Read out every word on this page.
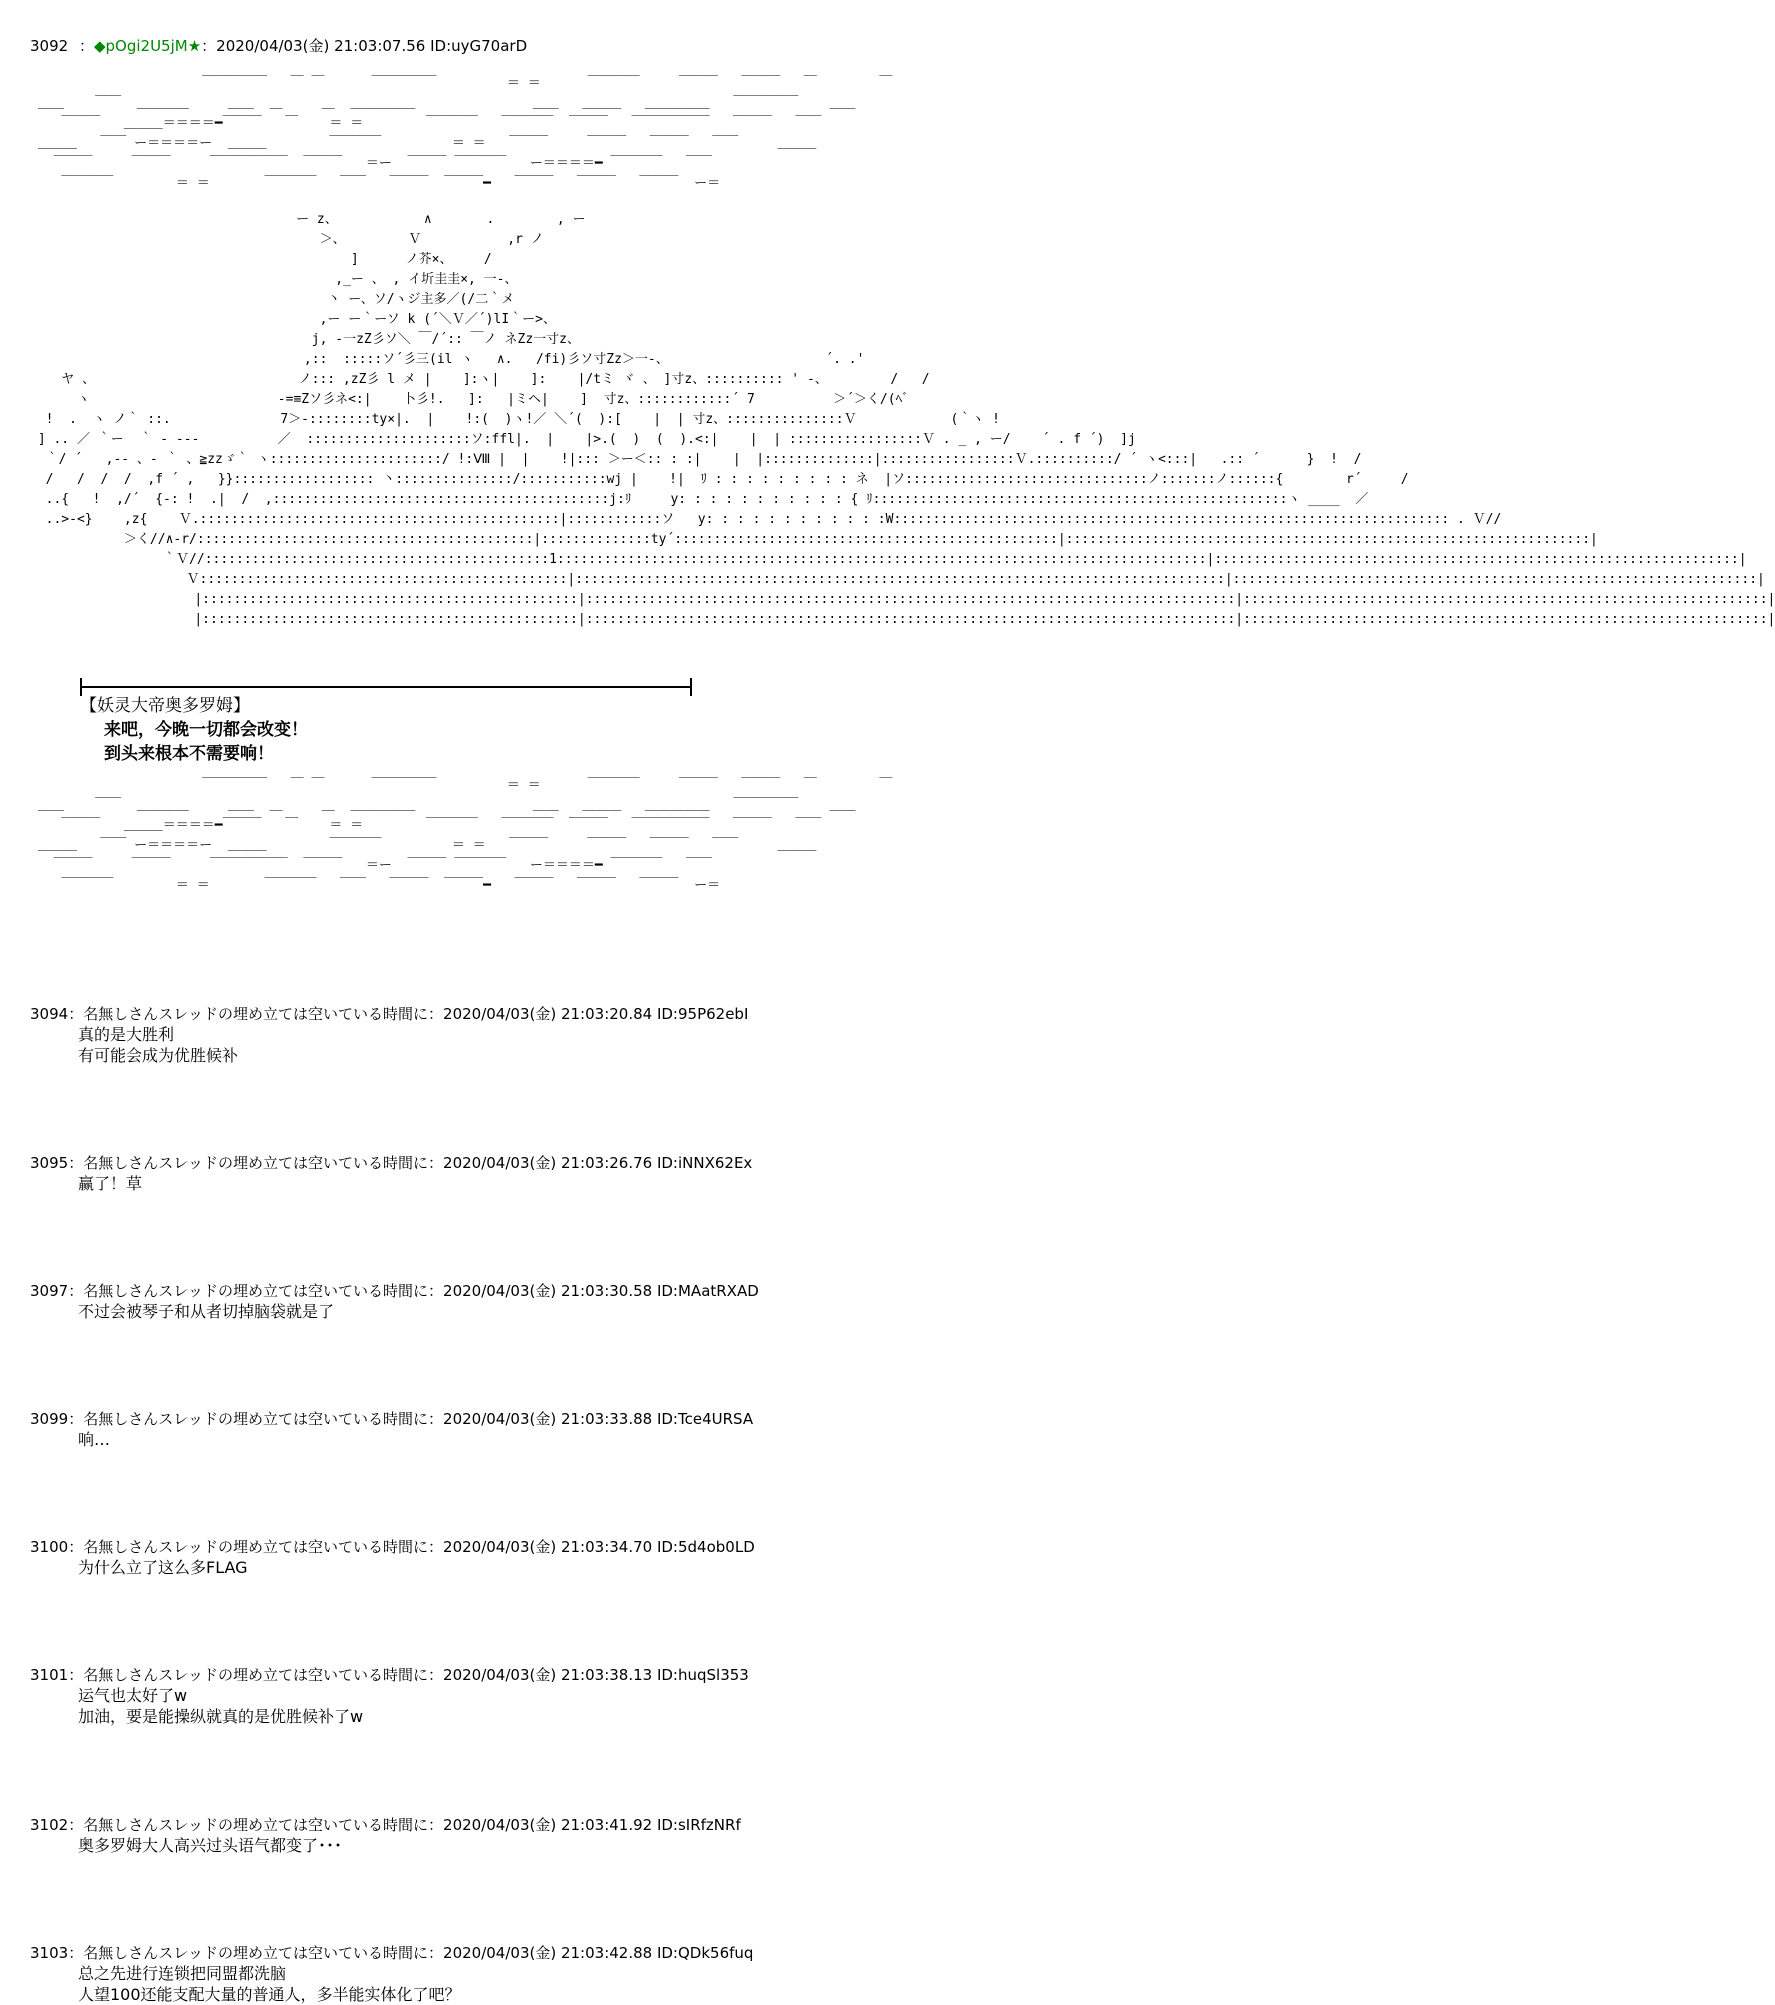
3092 ：◆pOgi2U5jM★：2020/04/03(金) 21:03:07.56 ID:uyG70arD
￣￣￣￣￣   ￣ ￣      ￣￣￣￣￣         ＝ ＝      ￣￣￣￣     ￣￣￣   ￣￣￣   ￣        ￣
＿＿    ￣￣  ＿＿＿＿     ＿＿  ＿     ＿  ＿＿＿＿＿               ＿＿   ＿＿＿   ＿＿＿＿＿   ￣￣￣￣￣    ＿＿
￣￣￣   ＿＿＿＝＝＝＝━￣￣￣   ￣    ＝ ＝        ￣￣￣￣   ￣￣￣￣  ￣￣￣   ￣￣￣￣￣￣   ￣￣￣   ￣￣
＿＿＿   ￣￣ ー＝＝＝＝ー  ＿＿＿        ￣￣￣￣         ＝ ＝   ￣￣￣     ￣￣￣   ￣￣￣   ￣￣     ＿＿＿
￣￣￣     ￣￣￣     ￣￣￣￣￣￣  ￣￣￣   ＝ー  ￣￣￣ ￣￣￣￣   ー＝＝＝＝━ ￣￣￣￣   ￣￣
￣￣￣￣        ＝ ＝       ￣￣￣￣   ￣￣   ￣￣￣  ￣￣￣━   ￣￣￣   ￣￣￣   ￣￣￣  ー＝
ー z、           ∧       .        , ー
＞、        Ｖ           ,r ノ
]      ノ芥×、    /
,_ー 、 , イ圻圭圭×, 一-、
丶 ー、ソ/ヽジ主多／(/二｀メ
,ー ー｀ーソ k (´＼Ｖ／´)lI｀ー>、
j, -一zZ彡ソ＼ ￣/´:: ￣ノ ネZz一寸z、
,::  :::::ソ´彡三(il ヽ   ∧.   /fi)彡ソ寸Zz＞一-、                    ´. .'
ヤ 、                          ノ::: ,zZ彡 l メ |    ]:ヽ|    ]:    |/tミ ヾ 、 ]寸z、:::::::::: ' -、        /   /
ヽ                        -=≡Zソ彡ネ<:|    卜彡!.   ]:   |ミヘ|    ]  寸z、::::::::::::´ 7          ＞´＞く/(ﾍﾞ
!  .  ヽ ノ｀ ::.              7＞-::::::::ty×|.  |    !:(  )ヽ!／ ＼´(  ):[    |  | 寸z、:::::::::::::::Ｖ            (｀ヽ !
] .. ／ ｀ー  ｀ - ---          ／  :::::::::::::::::::::ソ:ffl|.  |    |>.(  )  (  ).<:|    |  | :::::::::::::::::Ｖ . _ , ー/    ´ . f ´)  ]j
｀/ ´   ,-- 、- ｀ 、≧zzゞ｀ ヽ::::::::::::::::::::::/ !:Ⅷ |  |    !|::: ＞ー＜:: : :|    |  |::::::::::::::|:::::::::::::::::Ｖ.::::::::::/ ´ ヽ<:::|   .:: ´      }  !  /
/   /  /  /  ,f ´ ,   }}:::::::::::::::::: 丶:::::::::::::::/:::::::::::wj |    !|  ﾘ : : : : : : : : : ネ  |ソ:::::::::::::::::::::::::::::::ノ:::::::ノ::::::{        r´     /
..{   !  ,/´  {-: !  .|  /  ,:::::::::::::::::::::::::::::::::::::::::::j:ﾘ     y: : : : : : : : : : : { ﾘ:::::::::::::::::::::::::::::::::::::::::::::::::::::ヽ ____  ／
..>-<}    ,z{    Ｖ.::::::::::::::::::::::::::::::::::::::::::::::|::::::::::::ソ   y: : : : : : : : : : : :W::::::::::::::::::::::::::::::::::::::::::::::::::::::::::::::::::::::: . Ｖ//
＞く//∧-r/:::::::::::::::::::::::::::::::::::::::::::|::::::::::::::ty´:::::::::::::::::::::::::::::::::::::::::::::::::|:::::::::::::::::::::::::::::::::::::::::::::::::::::::::::::::::::|
｀Ｖ//::::::::::::::::::::::::::::::::::::::::::::1:::::::::::::::::::::::::::::::::::::::::::::::::::::::::::::::::::::::::::::::::::|:::::::::::::::::::::::::::::::::::::::::::::::::::::::::::::::::::|
Ｖ:::::::::::::::::::::::::::::::::::::::::::::::|:::::::::::::::::::::::::::::::::::::::::::::::::::::::::::::::::::::::::::::::::::|:::::::::::::::::::::::::::::::::::::::::::::::::::::::::::::::::::|
|::::::::::::::::::::::::::::::::::::::::::::::::|:::::::::::::::::::::::::::::::::::::::::::::::::::::::::::::::::::::::::::::::::::|:::::::::::::::::::::::::::::::::::::::::::::::::::::::::::::::::::|
|::::::::::::::::::::::::::::::::::::::::::::::::|:::::::::::::::::::::::::::::::::::::::::::::::::::::::::::::::::::::::::::::::::::|:::::::::::::::::::::::::::::::::::::::::::::::::::::::::::::::::::|
【妖灵大帝奥多罗姆】
来吧，今晚一切都会改变！
到头来根本不需要响！
￣￣￣￣￣   ￣ ￣      ￣￣￣￣￣         ＝ ＝      ￣￣￣￣     ￣￣￣   ￣￣￣   ￣        ￣
＿＿    ￣￣  ＿＿＿＿     ＿＿  ＿     ＿  ＿＿＿＿＿               ＿＿   ＿＿＿   ＿＿＿＿＿   ￣￣￣￣￣    ＿＿
￣￣￣   ＿＿＿＝＝＝＝━￣￣￣   ￣    ＝ ＝        ￣￣￣￣   ￣￣￣￣  ￣￣￣   ￣￣￣￣￣￣   ￣￣￣   ￣￣
＿＿＿   ￣￣ ー＝＝＝＝ー  ＿＿＿        ￣￣￣￣         ＝ ＝   ￣￣￣     ￣￣￣   ￣￣￣   ￣￣     ＿＿＿
￣￣￣     ￣￣￣     ￣￣￣￣￣￣  ￣￣￣   ＝ー  ￣￣￣ ￣￣￣￣   ー＝＝＝＝━ ￣￣￣￣   ￣￣
￣￣￣￣        ＝ ＝       ￣￣￣￣   ￣￣   ￣￣￣  ￣￣￣━   ￣￣￣   ￣￣￣   ￣￣￣  ー＝
3094：名無しさんスレッドの埋め立ては空いている時間に：2020/04/03(金) 21:03:20.84 ID:95P62ebI
真的是大胜利
有可能会成为优胜候补
3095：名無しさんスレッドの埋め立ては空いている時間に：2020/04/03(金) 21:03:26.76 ID:iNNX62Ex
赢了！草
3097：名無しさんスレッドの埋め立ては空いている時間に：2020/04/03(金) 21:03:30.58 ID:MAatRXAD
不过会被琴子和从者切掉脑袋就是了
3099：名無しさんスレッドの埋め立ては空いている時間に：2020/04/03(金) 21:03:33.88 ID:Tce4URSA
响…
3100：名無しさんスレッドの埋め立ては空いている時間に：2020/04/03(金) 21:03:34.70 ID:5d4ob0LD
为什么立了这么多FLAG
3101：名無しさんスレッドの埋め立ては空いている時間に：2020/04/03(金) 21:03:38.13 ID:huqSl353
运气也太好了w
加油，要是能操纵就真的是优胜候补了w
3102：名無しさんスレッドの埋め立ては空いている時間に：2020/04/03(金) 21:03:41.92 ID:sIRfzNRf
奥多罗姆大人高兴过头语气都变了･･･
3103：名無しさんスレッドの埋め立ては空いている時間に：2020/04/03(金) 21:03:42.88 ID:QDk56fuq
总之先进行连锁把同盟都洗脑
人望100还能支配大量的普通人，多半能实体化了吧？
